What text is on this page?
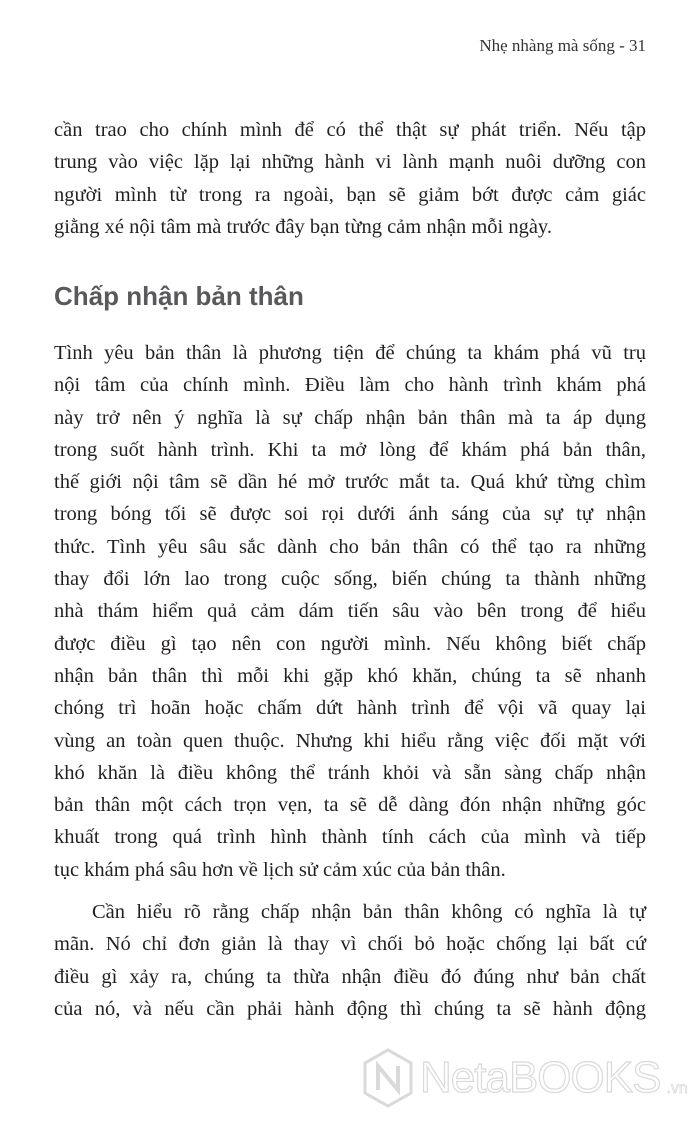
Nhẹ nhàng mà sống - 31
cần trao cho chính mình để có thể thật sự phát triển. Nếu tập
trung vào việc lặp lại những hành vi lành mạnh nuôi dưỡng con
người mình từ trong ra ngoài, bạn sẽ giảm bớt được cảm giác
giằng xé nội tâm mà trước đây bạn từng cảm nhận mỗi ngày.
Chấp nhận bản thân
Tình yêu bản thân là phương tiện để chúng ta khám phá vũ trụ
nội tâm của chính mình. Điều làm cho hành trình khám phá
này trở nên ý nghĩa là sự chấp nhận bản thân mà ta áp dụng
trong suốt hành trình. Khi ta mở lòng để khám phá bản thân,
thế giới nội tâm sẽ dần hé mở trước mắt ta. Quá khứ từng chìm
trong bóng tối sẽ được soi rọi dưới ánh sáng của sự tự nhận
thức. Tình yêu sâu sắc dành cho bản thân có thể tạo ra những
thay đổi lớn lao trong cuộc sống, biến chúng ta thành những
nhà thám hiểm quả cảm dám tiến sâu vào bên trong để hiểu
được điều gì tạo nên con người mình. Nếu không biết chấp
nhận bản thân thì mỗi khi gặp khó khăn, chúng ta sẽ nhanh
chóng trì hoãn hoặc chấm dứt hành trình để vội vã quay lại
vùng an toàn quen thuộc. Nhưng khi hiểu rằng việc đối mặt với
khó khăn là điều không thể tránh khỏi và sẵn sàng chấp nhận
bản thân một cách trọn vẹn, ta sẽ dễ dàng đón nhận những góc
khuất trong quá trình hình thành tính cách của mình và tiếp
tục khám phá sâu hơn về lịch sử cảm xúc của bản thân.
Cần hiểu rõ rằng chấp nhận bản thân không có nghĩa là tự
mãn. Nó chỉ đơn giản là thay vì chối bỏ hoặc chống lại bất cứ
điều gì xảy ra, chúng ta thừa nhận điều đó đúng như bản chất
của nó, và nếu cần phải hành động thì chúng ta sẽ hành động
NetaBOOKS .vn
